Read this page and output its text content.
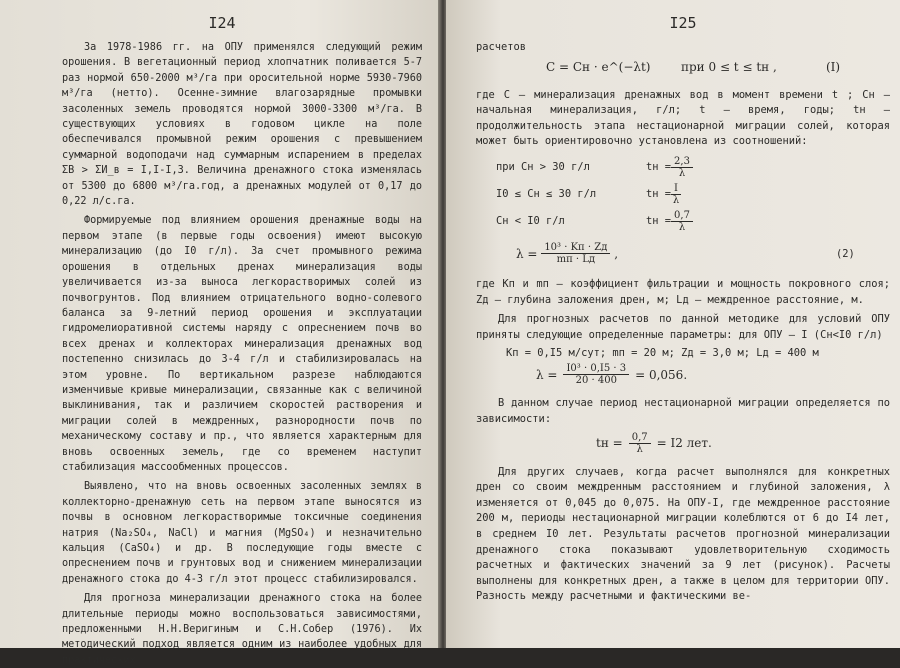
I24

За 1978-1986 гг. на ОПУ применялся следующий режим орошения. В вегетационный период хлопчатник поливается 5-7 раз нормой 650-2000 м³/га при оросительной норме 5930-7960 м³/га (нетто). Осенне-зимние влагозарядные промывки засоленных земель проводятся нормой 3000-3300 м³/га. В существующих условиях в годовом цикле на поле обеспечивался промывной режим орошения с превышением суммарной водоподачи над суммарным испарением в пределах ΣВ > ΣИ_в = I,I-I,3. Величина дренажного стока изменялась от 5300 до 6800 м³/га.год, а дренажных модулей от 0,17 до 0,22 л/с.га.

Формируемые под влиянием орошения дренажные воды на первом этапе (в первые годы освоения) имеют высокую минерализацию (до I0 г/л). За счет промывного режима орошения в отдельных дренах минерализация воды увеличивается из-за выноса легкорастворимых солей из почвогрунтов. Под влиянием отрицательного водно-солевого баланса за 9-летний период орошения и эксплуатации гидромелиоративной системы наряду с опреснением почв во всех дренах и коллекторах минерализация дренажных вод постепенно снизилась до 3-4 г/л и стабилизировалась на этом уровне. По вертикальном разрезе наблюдаются изменчивые кривые минерализации, связанные как с величиной выклинивания, так и различием скоростей растворения и миграции солей в междренных, разнородности почв по механическому составу и пр., что является характерным для вновь освоенных земель, где со временем наступит стабилизация массообменных процессов.

Выявлено, что на вновь освоенных засоленных землях в коллекторно-дренажную сеть на первом этапе выносятся из почвы в основном легкорастворимые токсичные соединения натрия (Na₂SO₄, NaCl) и магния (MgSO₄) и незначительно кальция (CaSO₄) и др. В последующие годы вместе с опреснением почв и грунтовых вод и снижением минерализации дренажного стока до 4-3 г/л этот процесс стабилизировался.

Для прогноза минерализации дренажного стока на более длительные периоды можно воспользоваться зависимостями, предложенными Н.Н.Веригиным и С.Н.Собер (1976). Их методический подход является одним из наиболее удобных для практических

I25

расчетов

C = Cн · e^(−λt)	при 0 ≤ t ≤ tн ,	(I)

где С – минерализация дренажных вод в момент времени t ; Сн – начальная минерализация, г/л; t – время, годы; tн – продолжительность этапа нестационарной миграции солей, которая может быть ориентировочно установлена из соотношений:

при Сн > 30 г/л	tн = $\frac{2,3}{\lambda}$
I0 ≤ Сн ≤ 30 г/л	tн = $\frac{I}{\lambda}$
Сн < I0 г/л	tн = $\frac{0,7}{\lambda}$
λ =
$\frac{\text{10³ · Kп · Zд}}{mп \cdot Lд}$
,	(2)

где Kп и mп – коэффициент фильтрации и мощность покровного слоя; Zд – глубина заложения дрен, м; Lд – междренное расстояние, м.

Для прогнозных расчетов по данной методике для условий ОПУ приняты следующие определенные параметры: для ОПУ – I (Сн<I0 г/л)

Kп = 0,I5 м/сут; mп = 20 м; Zд = 3,0 м; Lд = 400 м
$\lambda = \frac{\text{I0³ · 0,I5 · 3}}{20 \cdot 400} = 0,056$.

В данном случае период нестационарной миграции определяется по зависимости:

tн = $\frac{0,7}{\lambda} = I2$ лет.

Для других случаев, когда расчет выполнялся для конкретных дрен со своим междренным расстоянием и глубиной заложения, λ изменяется от 0,045 до 0,075. На ОПУ-I, где междренное расстояние 200 м, периоды нестационарной миграции колеблются от 6 до I4 лет, в среднем I0 лет. Результаты расчетов прогнозной минерализации дренажного стока показывают удовлетворительную сходимость расчетных и фактических значений за 9 лет (рисунок). Расчеты выполнены для конкретных дрен, а также в целом для территории ОПУ. Разность между расчетными и фактическими ве-
